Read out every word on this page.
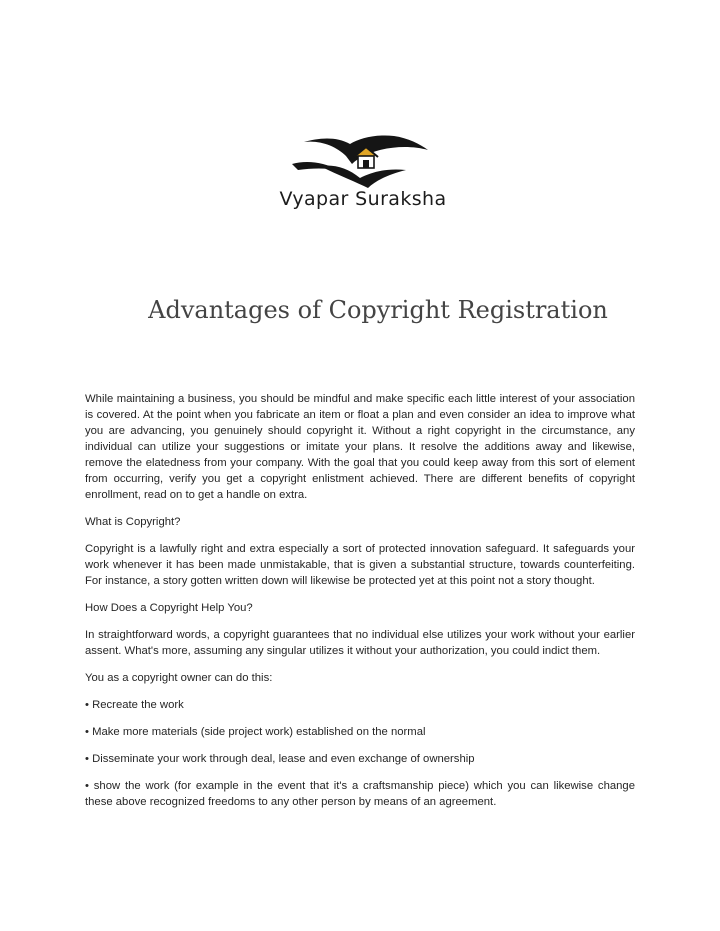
Vyapar Suraksha
Advantages of Copyright Registration

While maintaining a business, you should be mindful and make specific each little interest of your association is covered. At the point when you fabricate an item or float a plan and even consider an idea to improve what you are advancing, you genuinely should copyright it. Without a right copyright in the circumstance, any individual can utilize your suggestions or imitate your plans. It resolve the additions away and likewise, remove the elatedness from your company. With the goal that you could keep away from this sort of element from occurring, verify you get a copyright enlistment achieved. There are different benefits of copyright enrollment, read on to get a handle on extra.

What is Copyright?

Copyright is a lawfully right and extra especially a sort of protected innovation safeguard. It safeguards your work whenever it has been made unmistakable, that is given a substantial structure, towards counterfeiting. For instance, a story gotten written down will likewise be protected yet at this point not a story thought.

How Does a Copyright Help You?

In straightforward words, a copyright guarantees that no individual else utilizes your work without your earlier assent. What's more, assuming any singular utilizes it without your authorization, you could indict them.

You as a copyright owner can do this:

• Recreate the work

• Make more materials (side project work) established on the normal

• Disseminate your work through deal, lease and even exchange of ownership

• show the work (for example in the event that it's a craftsmanship piece) which you can likewise change these above recognized freedoms to any other person by means of an agreement.
